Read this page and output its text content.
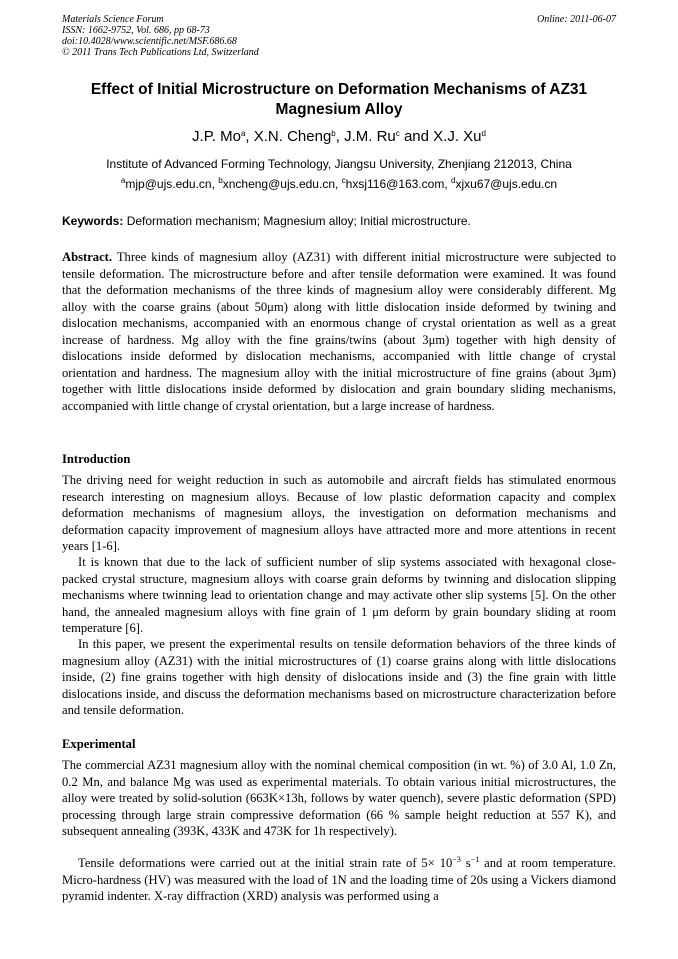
Materials Science Forum
ISSN: 1662-9752, Vol. 686, pp 68-73
doi:10.4028/www.scientific.net/MSF.686.68
© 2011 Trans Tech Publications Ltd, Switzerland
Online: 2011-06-07
Effect of Initial Microstructure on Deformation Mechanisms of AZ31 Magnesium Alloy
J.P. Mo$^a$, X.N. Cheng$^b$, J.M. Ru$^c$ and X.J. Xu$^d$
Institute of Advanced Forming Technology, Jiangsu University, Zhenjiang 212013, China
$^a$mjp@ujs.edu.cn, $^b$xncheng@ujs.edu.cn, $^c$hxsj116@163.com, $^d$xjxu67@ujs.edu.cn
Keywords: Deformation mechanism; Magnesium alloy; Initial microstructure.
Abstract. Three kinds of magnesium alloy (AZ31) with different initial microstructure were subjected to tensile deformation. The microstructure before and after tensile deformation were examined. It was found that the deformation mechanisms of the three kinds of magnesium alloy were considerably different. Mg alloy with the coarse grains (about 50μm) along with little dislocation inside deformed by twining and dislocation mechanisms, accompanied with an enormous change of crystal orientation as well as a great increase of hardness. Mg alloy with the fine grains/twins (about 3μm) together with high density of dislocations inside deformed by dislocation mechanisms, accompanied with little change of crystal orientation and hardness. The magnesium alloy with the initial microstructure of fine grains (about 3μm) together with little dislocations inside deformed by dislocation and grain boundary sliding mechanisms, accompanied with little change of crystal orientation, but a large increase of hardness.
Introduction

The driving need for weight reduction in such as automobile and aircraft fields has stimulated enormous research interesting on magnesium alloys. Because of low plastic deformation capacity and complex deformation mechanisms of magnesium alloys, the investigation on deformation mechanisms and deformation capacity improvement of magnesium alloys have attracted more and more attentions in recent years [1-6].

It is known that due to the lack of sufficient number of slip systems associated with hexagonal close-packed crystal structure, magnesium alloys with coarse grain deforms by twinning and dislocation slipping mechanisms where twinning lead to orientation change and may activate other slip systems [5]. On the other hand, the annealed magnesium alloys with fine grain of 1 μm deform by grain boundary sliding at room temperature [6].

In this paper, we present the experimental results on tensile deformation behaviors of the three kinds of magnesium alloy (AZ31) with the initial microstructures of (1) coarse grains along with little dislocations inside, (2) fine grains together with high density of dislocations inside and (3) the fine grain with little dislocations inside, and discuss the deformation mechanisms based on microstructure characterization before and tensile deformation.

Experimental

The commercial AZ31 magnesium alloy with the nominal chemical composition (in wt. %) of 3.0 Al, 1.0 Zn, 0.2 Mn, and balance Mg was used as experimental materials. To obtain various initial microstructures, the alloy were treated by solid-solution (663K×13h, follows by water quench), severe plastic deformation (SPD) processing through large strain compressive deformation (66 % sample height reduction at 557 K), and subsequent annealing (393K, 433K and 473K for 1h respectively).

Tensile deformations were carried out at the initial strain rate of $5\times 10^{-3}$ $s^{-1}$ and at room temperature. Micro-hardness (HV) was measured with the load of 1N and the loading time of 20s using a Vickers diamond pyramid indenter. X-ray diffraction (XRD) analysis was performed using a
